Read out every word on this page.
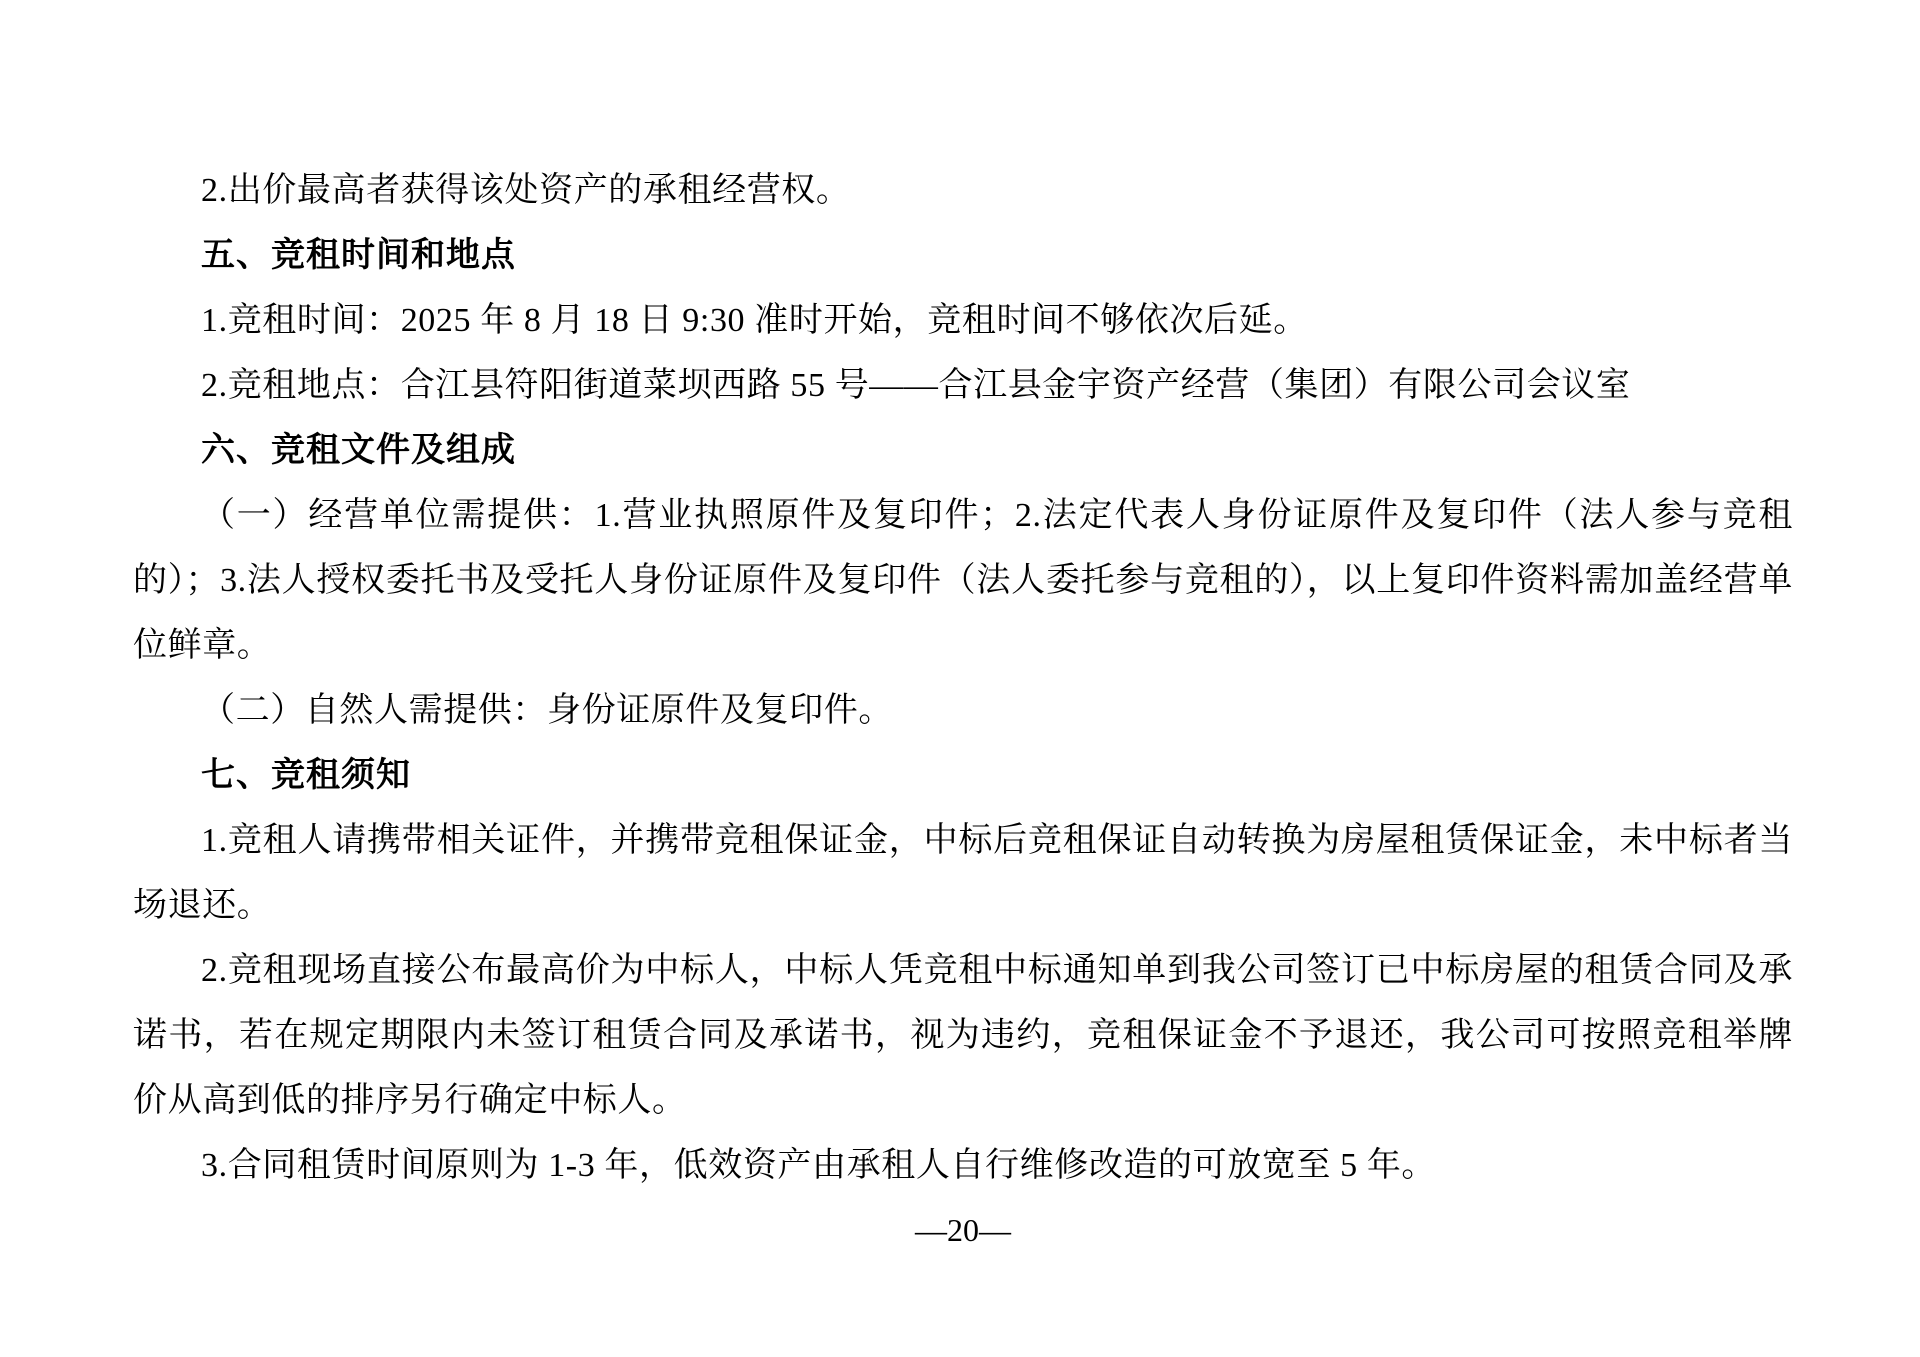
2.出价最高者获得该处资产的承租经营权。
五、竞租时间和地点
1.竞租时间：2025 年 8 月 18 日 9:30 准时开始，竞租时间不够依次后延。
2.竞租地点：合江县符阳街道菜坝西路 55 号——合江县金宇资产经营（集团）有限公司会议室
六、竞租文件及组成
（一）经营单位需提供：1.营业执照原件及复印件；2.法定代表人身份证原件及复印件（法人参与竞租的）；3.法人授权委托书及受托人身份证原件及复印件（法人委托参与竞租的），以上复印件资料需加盖经营单位鲜章。
（二）自然人需提供：身份证原件及复印件。
七、竞租须知
1.竞租人请携带相关证件，并携带竞租保证金，中标后竞租保证自动转换为房屋租赁保证金，未中标者当场退还。
2.竞租现场直接公布最高价为中标人，中标人凭竞租中标通知单到我公司签订已中标房屋的租赁合同及承诺书，若在规定期限内未签订租赁合同及承诺书，视为违约，竞租保证金不予退还，我公司可按照竞租举牌价从高到低的排序另行确定中标人。
3.合同租赁时间原则为 1-3 年，低效资产由承租人自行维修改造的可放宽至 5 年。
—20—
